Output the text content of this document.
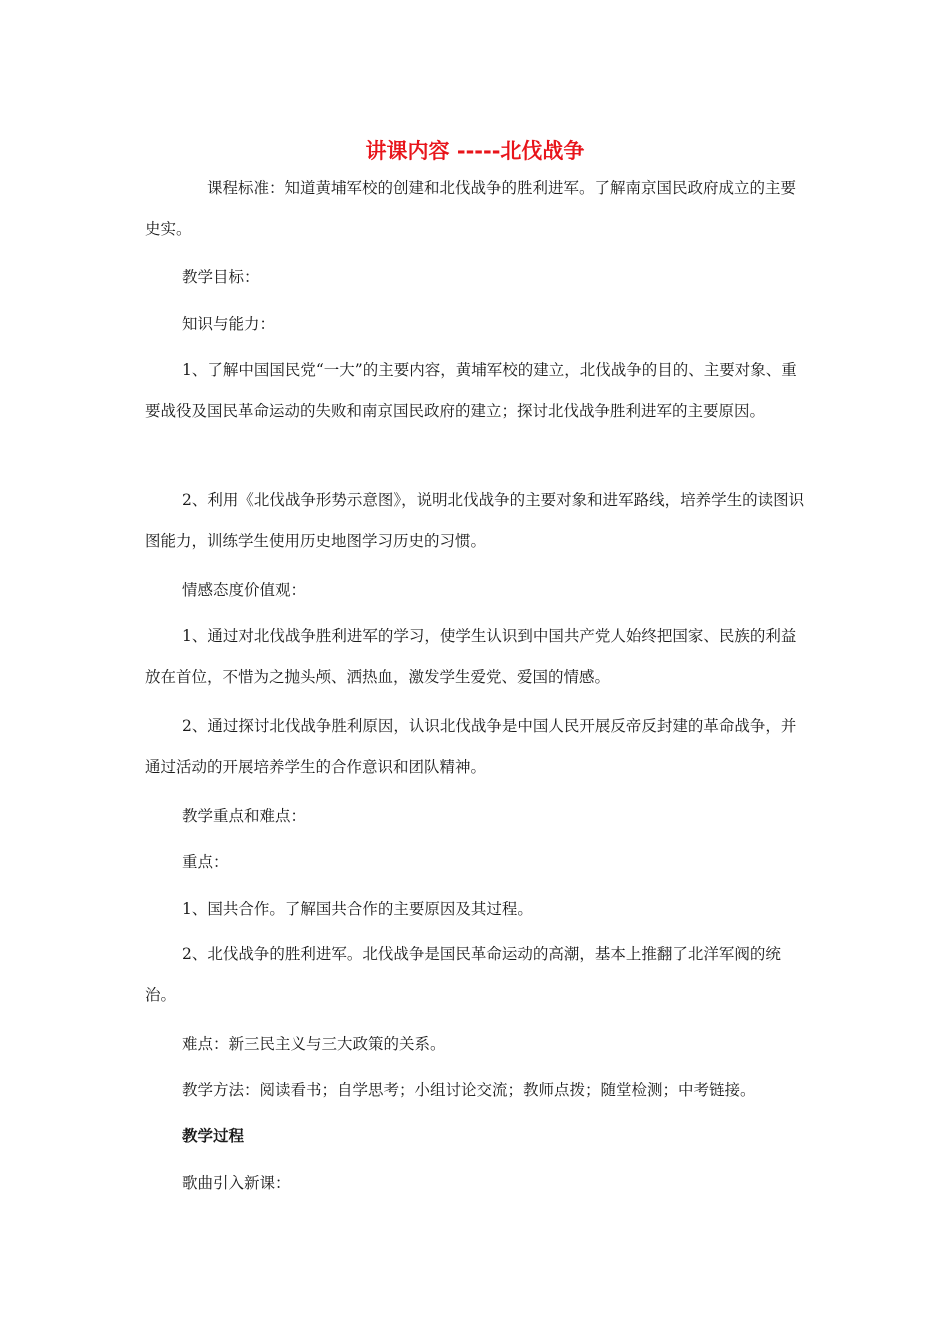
讲课内容 -----北伐战争

课程标准：知道黄埔军校的创建和北伐战争的胜利进军。了解南京国民政府成立的主要史实。

教学目标：

知识与能力：

1、了解中国国民党“一大”的主要内容，黄埔军校的建立，北伐战争的目的、主要对象、重要战役及国民革命运动的失败和南京国民政府的建立；探讨北伐战争胜利进军的主要原因。

2、利用《北伐战争形势示意图》，说明北伐战争的主要对象和进军路线，培养学生的读图识图能力，训练学生使用历史地图学习历史的习惯。

情感态度价值观：

1、通过对北伐战争胜利进军的学习，使学生认识到中国共产党人始终把国家、民族的利益放在首位，不惜为之抛头颅、洒热血，激发学生爱党、爱国的情感。

2、通过探讨北伐战争胜利原因，认识北伐战争是中国人民开展反帝反封建的革命战争，并通过活动的开展培养学生的合作意识和团队精神。

教学重点和难点：

重点：

1、国共合作。了解国共合作的主要原因及其过程。

2、北伐战争的胜利进军。北伐战争是国民革命运动的高潮，基本上推翻了北洋军阀的统治。

难点：新三民主义与三大政策的关系。

教学方法：阅读看书；自学思考；小组讨论交流；教师点拨；随堂检测；中考链接。

教学过程

歌曲引入新课：
